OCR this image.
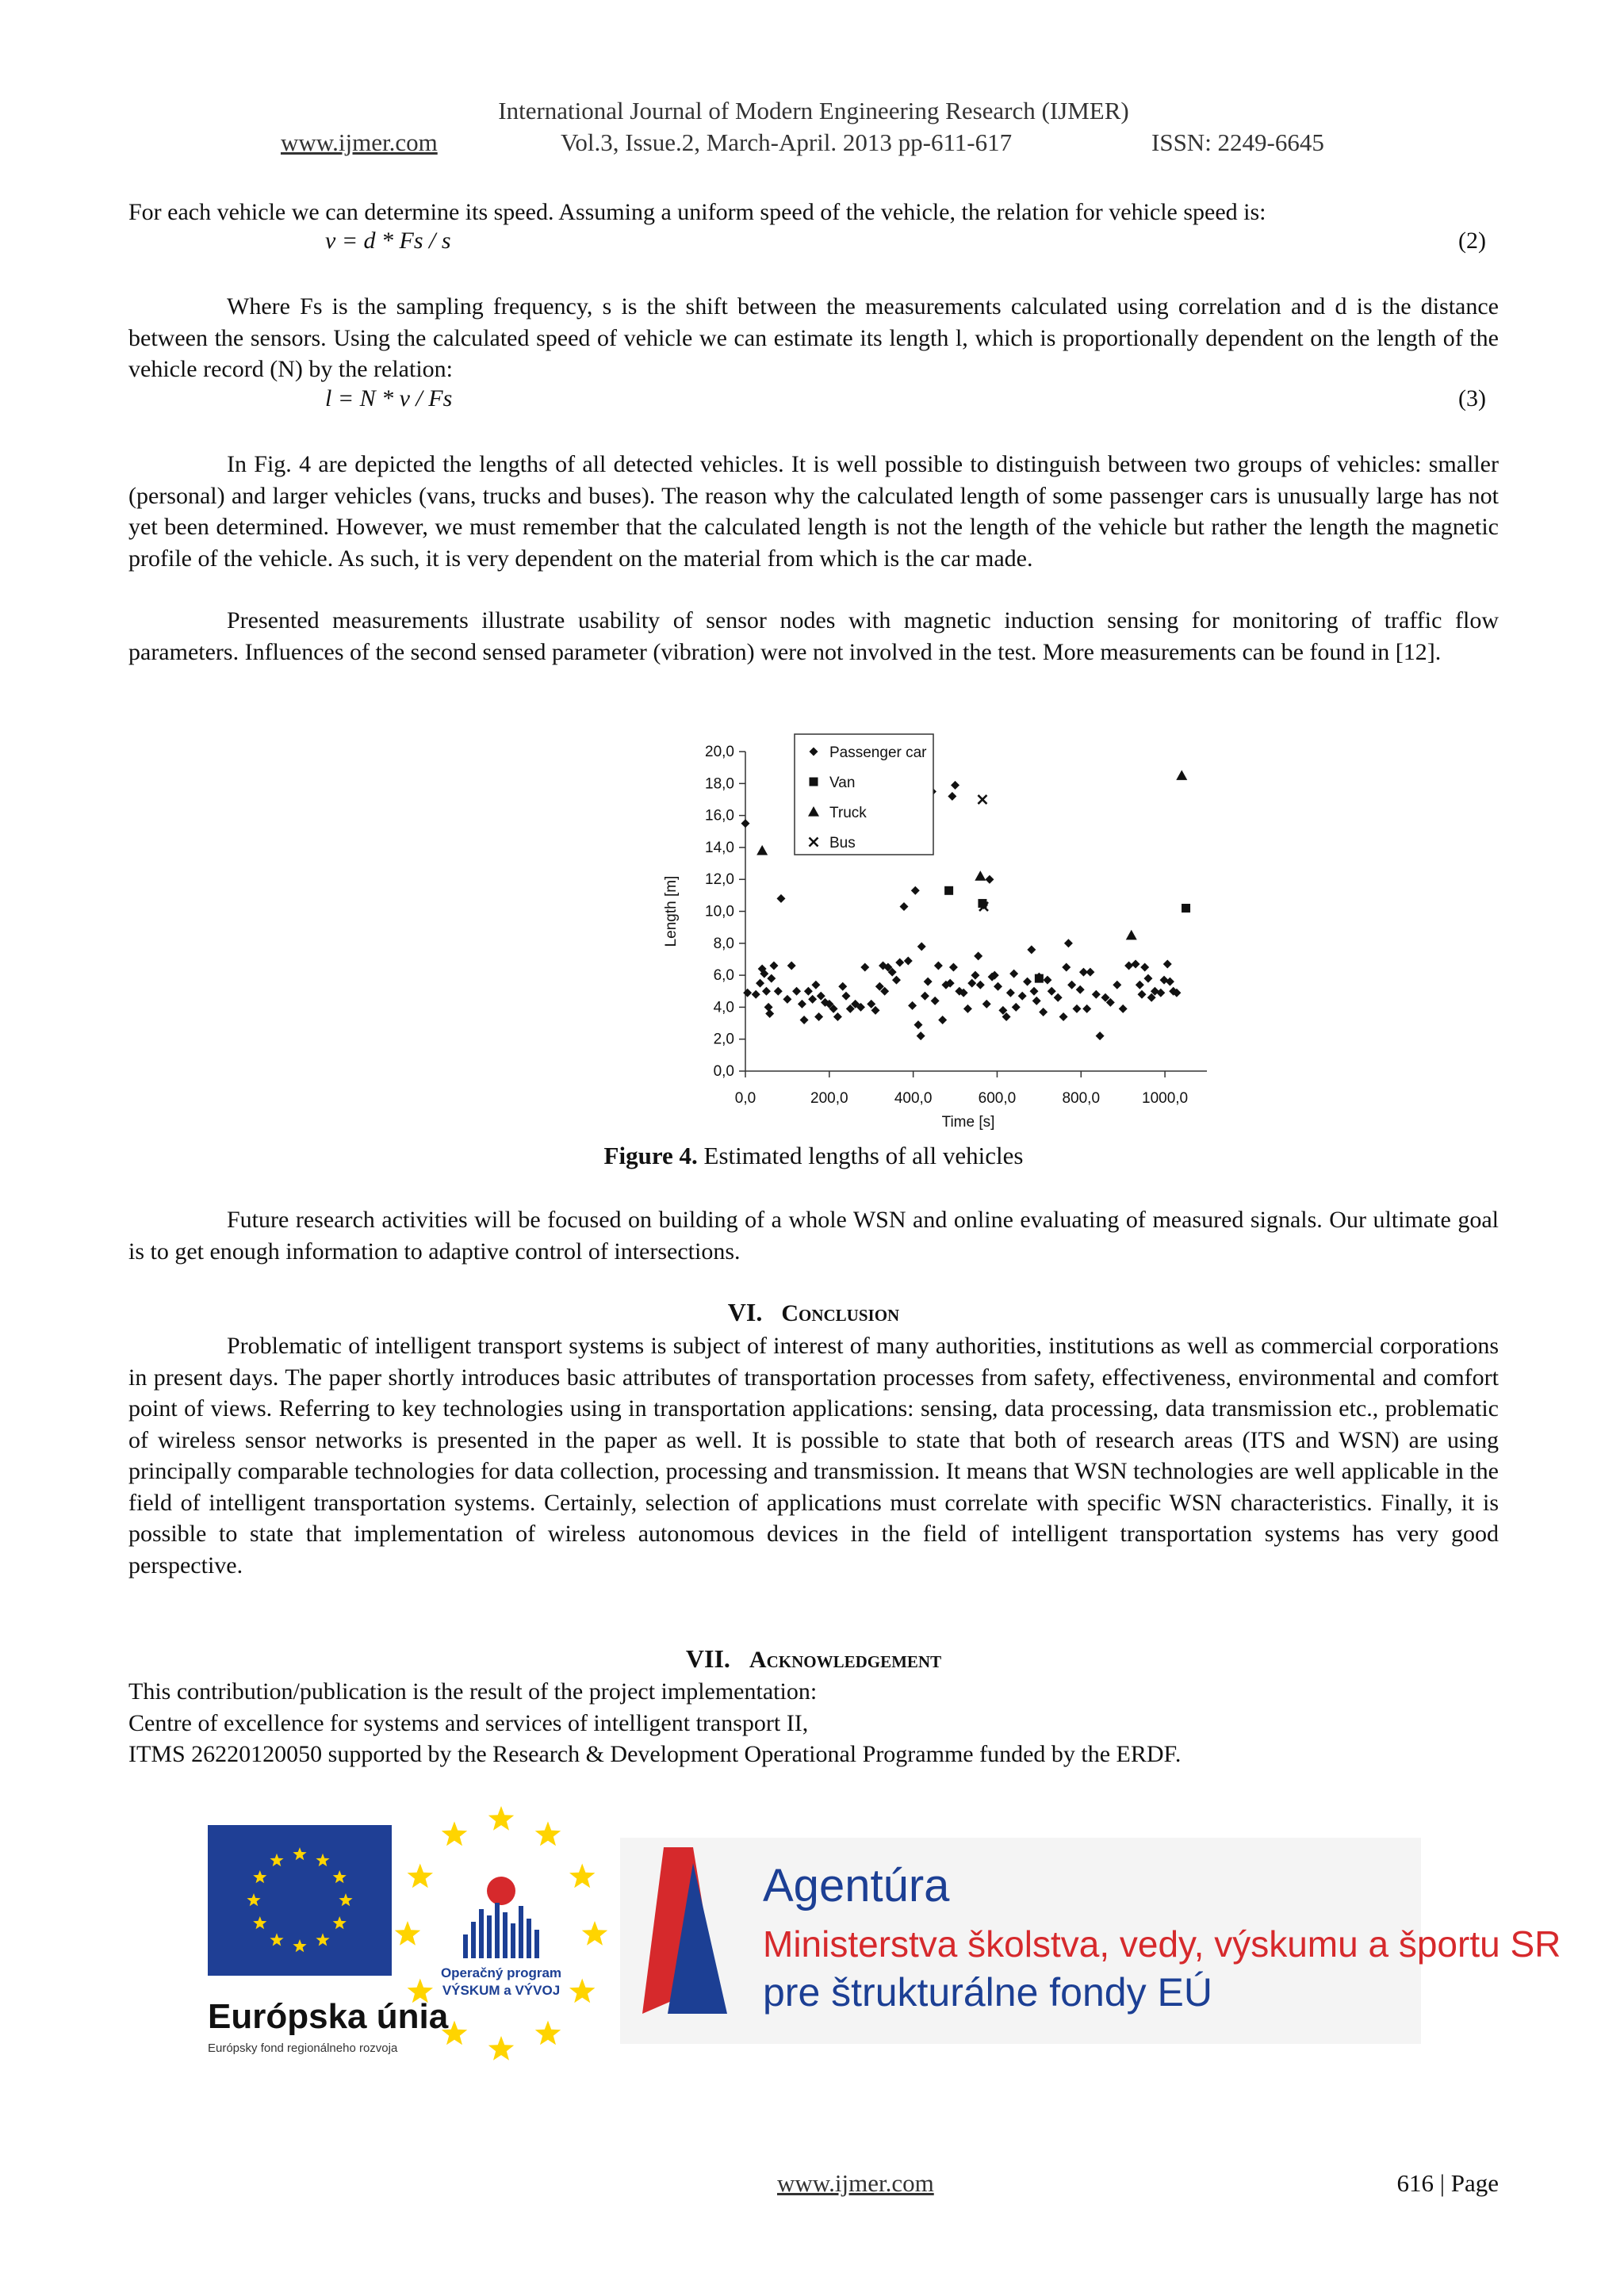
International Journal of Modern Engineering Research (IJMER)
www.ijmer.com	Vol.3, Issue.2, March-April. 2013 pp-611-617	ISSN: 2249-6645
For each vehicle we can determine its speed. Assuming a uniform speed of the vehicle, the relation for vehicle speed is:
v = d * Fs / s	(2)
Where Fs is the sampling frequency, s is the shift between the measurements calculated using correlation and d is the distance between the sensors. Using the calculated speed of vehicle we can estimate its length l, which is proportionally dependent on the length of the vehicle record (N) by the relation:
l = N * v / Fs	(3)
In Fig. 4 are depicted the lengths of all detected vehicles. It is well possible to distinguish between two groups of vehicles: smaller (personal) and larger vehicles (vans, trucks and buses). The reason why the calculated length of some passenger cars is unusually large has not yet been determined. However, we must remember that the calculated length is not the length of the vehicle but rather the length the magnetic profile of the vehicle. As such, it is very dependent on the material from which is the car made.
Presented measurements illustrate usability of sensor nodes with magnetic induction sensing for monitoring of traffic flow parameters. Influences of the second sensed parameter (vibration) were not involved in the test. More measurements can be found in [12].
0,0
2,0
4,0
6,0
8,0
10,0
12,0
14,0
16,0
18,0
20,0
0,0	200,0	400,0	600,0	800,0	1000,0
Time [s]
Length [m]
Passenger car
Van
Truck
Bus
Figure 4. Estimated lengths of all vehicles
Future research activities will be focused on building of a whole WSN and online evaluating of measured signals. Our ultimate goal is to get enough information to adaptive control of intersections.
VI. Conclusion
Problematic of intelligent transport systems is subject of interest of many authorities, institutions as well as commercial corporations in present days. The paper shortly introduces basic attributes of transportation processes from safety, effectiveness, environmental and comfort point of views. Referring to key technologies using in transportation applications: sensing, data processing, data transmission etc., problematic of wireless sensor networks is presented in the paper as well. It is possible to state that both of research areas (ITS and WSN) are using principally comparable technologies for data collection, processing and transmission. It means that WSN technologies are well applicable in the field of intelligent transportation systems. Certainly, selection of applications must correlate with specific WSN characteristics. Finally, it is possible to state that implementation of wireless autonomous devices in the field of intelligent transportation systems has very good perspective.
VII. Acknowledgement
This contribution/publication is the result of the project implementation:
Centre of excellence for systems and services of intelligent transport II,
ITMS 26220120050 supported by the Research & Development Operational Programme funded by the ERDF.
www.ijmer.com	616 | Page
Európska únia
Európsky fond regionálneho rozvoja
Operačný program
VÝSKUM a VÝVOJ
Agentúra
Ministerstva školstva, vedy, výskumu a športu SR
pre štrukturálne fondy EÚ
